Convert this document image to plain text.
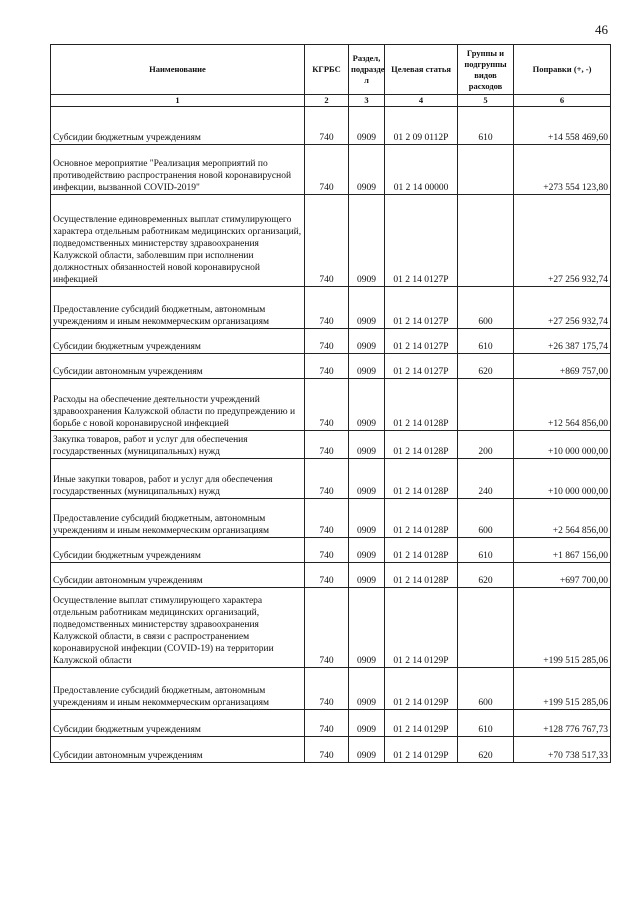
46
Наименование	КГРБС	Раздел, подразде л	Целевая статья	Группы и подгруппы видов расходов	Поправки (+, -)
1	2	3	4	5	6
Субсидии бюджетным учреждениям	740	0909	01 2 09 0112Р	610	+14 558 469,60
Основное мероприятие "Реализация мероприятий по противодействию распространения новой коронавирусной инфекции, вызванной COVID-2019"	740	0909	01 2 14 00000		+273 554 123,80
Осуществление единовременных выплат стимулирующего характера отдельным работникам медицинских организаций, подведомственных министерству здравоохранения Калужской области, заболевшим при исполнении должностных обязанностей новой коронавирусной инфекцией	740	0909	01 2 14 0127Р		+27 256 932,74
Предоставление субсидий бюджетным, автономным учреждениям и иным некоммерческим организациям	740	0909	01 2 14 0127Р	600	+27 256 932,74
Субсидии бюджетным учреждениям	740	0909	01 2 14 0127Р	610	+26 387 175,74
Субсидии автономным учреждениям	740	0909	01 2 14 0127Р	620	+869 757,00
Расходы на обеспечение деятельности учреждений здравоохранения Калужской области по предупреждению и борьбе с новой коронавирусной инфекцией	740	0909	01 2 14 0128Р		+12 564 856,00
Закупка товаров, работ и услуг для обеспечения государственных (муниципальных) нужд	740	0909	01 2 14 0128Р	200	+10 000 000,00
Иные закупки товаров, работ и услуг для обеспечения государственных (муниципальных) нужд	740	0909	01 2 14 0128Р	240	+10 000 000,00
Предоставление субсидий бюджетным, автономным учреждениям и иным некоммерческим организациям	740	0909	01 2 14 0128Р	600	+2 564 856,00
Субсидии бюджетным учреждениям	740	0909	01 2 14 0128Р	610	+1 867 156,00
Субсидии автономным учреждениям	740	0909	01 2 14 0128Р	620	+697 700,00
Осуществление выплат стимулирующего характера отдельным работникам медицинских организаций, подведомственных министерству здравоохранения Калужской области, в связи с распространением коронавирусной инфекции (COVID-19) на территории Калужской области	740	0909	01 2 14 0129Р		+199 515 285,06
Предоставление субсидий бюджетным, автономным учреждениям и иным некоммерческим организациям	740	0909	01 2 14 0129Р	600	+199 515 285,06
Субсидии бюджетным учреждениям	740	0909	01 2 14 0129Р	610	+128 776 767,73
Субсидии автономным учреждениям	740	0909	01 2 14 0129Р	620	+70 738 517,33
